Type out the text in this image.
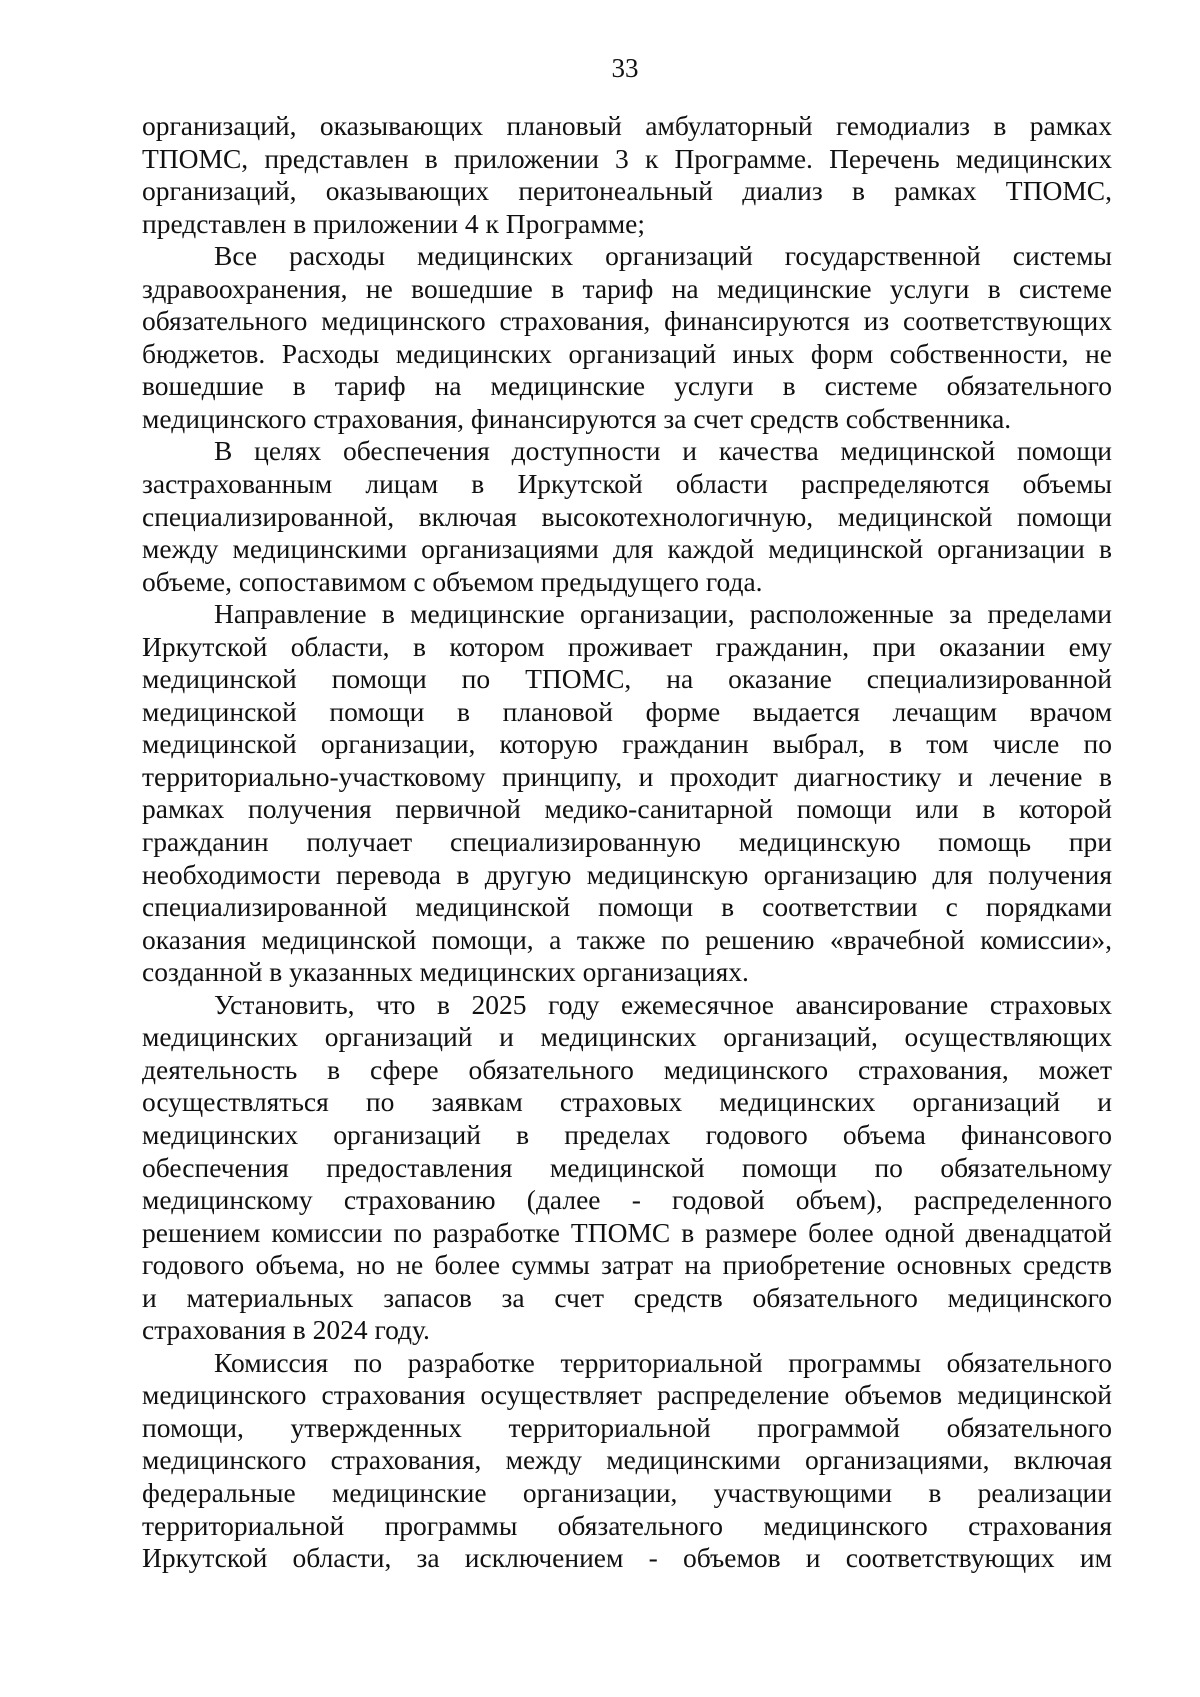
33
организаций, оказывающих плановый амбулаторный гемодиализ в рамках
ТПОМС, представлен в приложении 3 к Программе. Перечень медицинских
организаций, оказывающих перитонеальный диализ в рамках ТПОМС,
представлен в приложении 4 к Программе;
Все расходы медицинских организаций государственной системы
здравоохранения, не вошедшие в тариф на медицинские услуги в системе
обязательного медицинского страхования, финансируются из соответствующих
бюджетов. Расходы медицинских организаций иных форм собственности, не
вошедшие в тариф на медицинские услуги в системе обязательного
медицинского страхования, финансируются за счет средств собственника.
В целях обеспечения доступности и качества медицинской помощи
застрахованным лицам в Иркутской области распределяются объемы
специализированной, включая высокотехнологичную, медицинской помощи
между медицинскими организациями для каждой медицинской организации в
объеме, сопоставимом с объемом предыдущего года.
Направление в медицинские организации, расположенные за пределами
Иркутской области, в котором проживает гражданин, при оказании ему
медицинской помощи по ТПОМС, на оказание специализированной
медицинской помощи в плановой форме выдается лечащим врачом
медицинской организации, которую гражданин выбрал, в том числе по
территориально-участковому принципу, и проходит диагностику и лечение в
рамках получения первичной медико-санитарной помощи или в которой
гражданин получает специализированную медицинскую помощь при
необходимости перевода в другую медицинскую организацию для получения
специализированной медицинской помощи в соответствии с порядками
оказания медицинской помощи, а также по решению «врачебной комиссии»,
созданной в указанных медицинских организациях.
Установить, что в 2025 году ежемесячное авансирование страховых
медицинских организаций и медицинских организаций, осуществляющих
деятельность в сфере обязательного медицинского страхования, может
осуществляться по заявкам страховых медицинских организаций и
медицинских организаций в пределах годового объема финансового
обеспечения предоставления медицинской помощи по обязательному
медицинскому страхованию (далее - годовой объем), распределенного
решением комиссии по разработке ТПОМС в размере более одной двенадцатой
годового объема, но не более суммы затрат на приобретение основных средств
и материальных запасов за счет средств обязательного медицинского
страхования в 2024 году.
Комиссия по разработке территориальной программы обязательного
медицинского страхования осуществляет распределение объемов медицинской
помощи, утвержденных территориальной программой обязательного
медицинского страхования, между медицинскими организациями, включая
федеральные медицинские организации, участвующими в реализации
территориальной программы обязательного медицинского страхования
Иркутской области, за исключением - объемов и соответствующих им
